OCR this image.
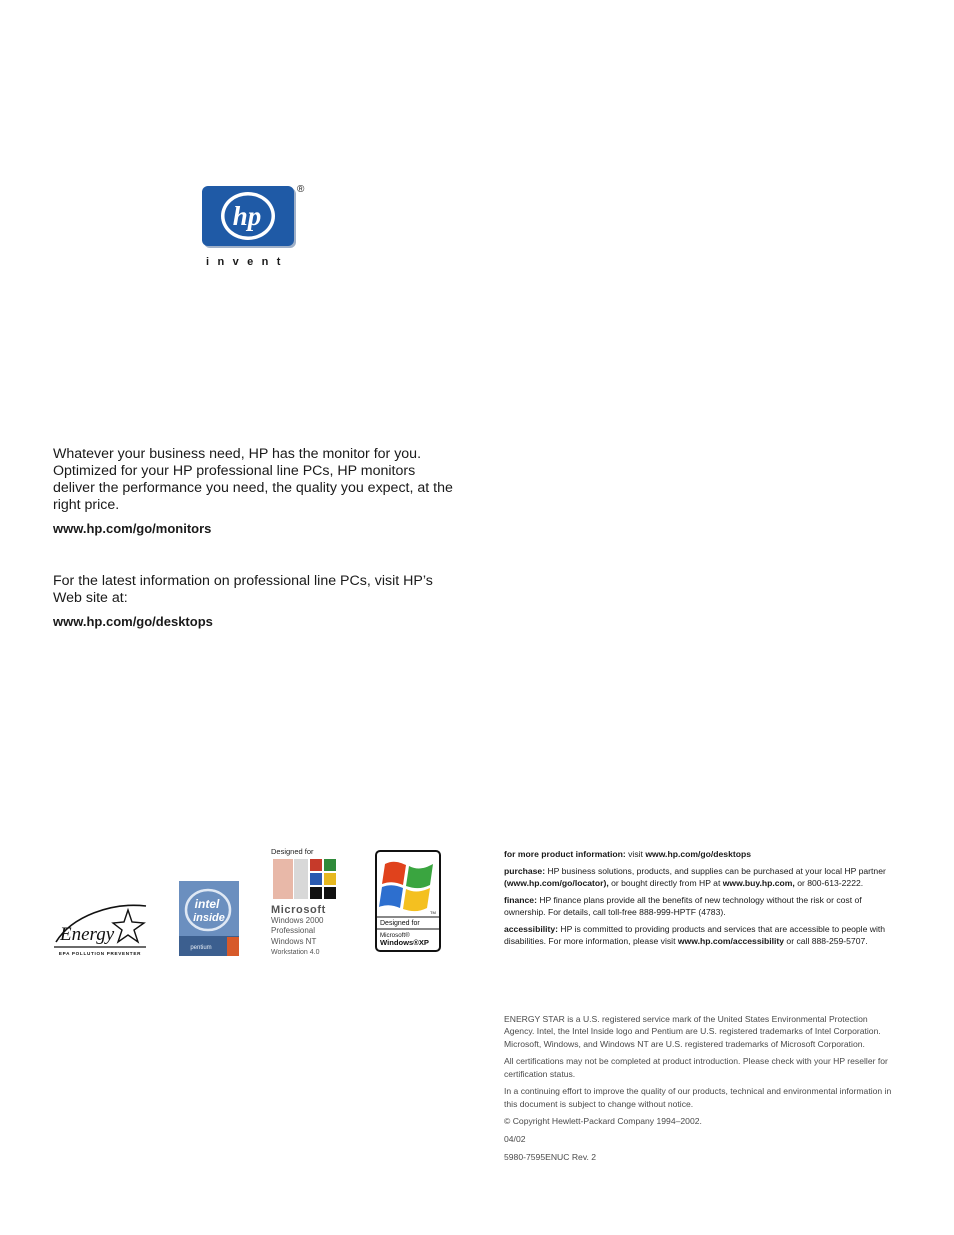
hp
®
invent

Whatever your business need, HP has the monitor for you. Optimized for your HP professional line PCs, HP monitors deliver the performance you need, the quality you expect, at the right price.

www.hp.com/go/monitors

For the latest information on professional line PCs, visit HP’s Web site at:

www.hp.com/go/desktops

Energy
EPA POLLUTION PREVENTER
intel
inside
pentium
Designed for
Microsoft
Windows 2000
Professional
Windows NT
Workstation 4.0
TM
Designed for
Microsoft®
Windows®XP

for more product information: visit www.hp.com/go/desktops

purchase: HP business solutions, products, and supplies can be purchased at your local HP partner (www.hp.com/go/locator), or bought directly from HP at www.buy.hp.com, or 800-613-2222.

finance: HP finance plans provide all the benefits of new technology without the risk or cost of ownership. For details, call toll-free 888-999-HPTF (4783).

accessibility: HP is committed to providing products and services that are accessible to people with disabilities. For more information, please visit www.hp.com/accessibility or call 888-259-5707.

ENERGY STAR is a U.S. registered service mark of the United States Environmental Protection Agency. Intel, the Intel Inside logo and Pentium are U.S. registered trademarks of Intel Corporation. Microsoft, Windows, and Windows NT are U.S. registered trademarks of Microsoft Corporation.

All certifications may not be completed at product introduction. Please check with your HP reseller for certification status.

In a continuing effort to improve the quality of our products, technical and environmental information in this document is subject to change without notice.

© Copyright Hewlett-Packard Company 1994–2002.

04/02

5980-7595ENUC Rev. 2
